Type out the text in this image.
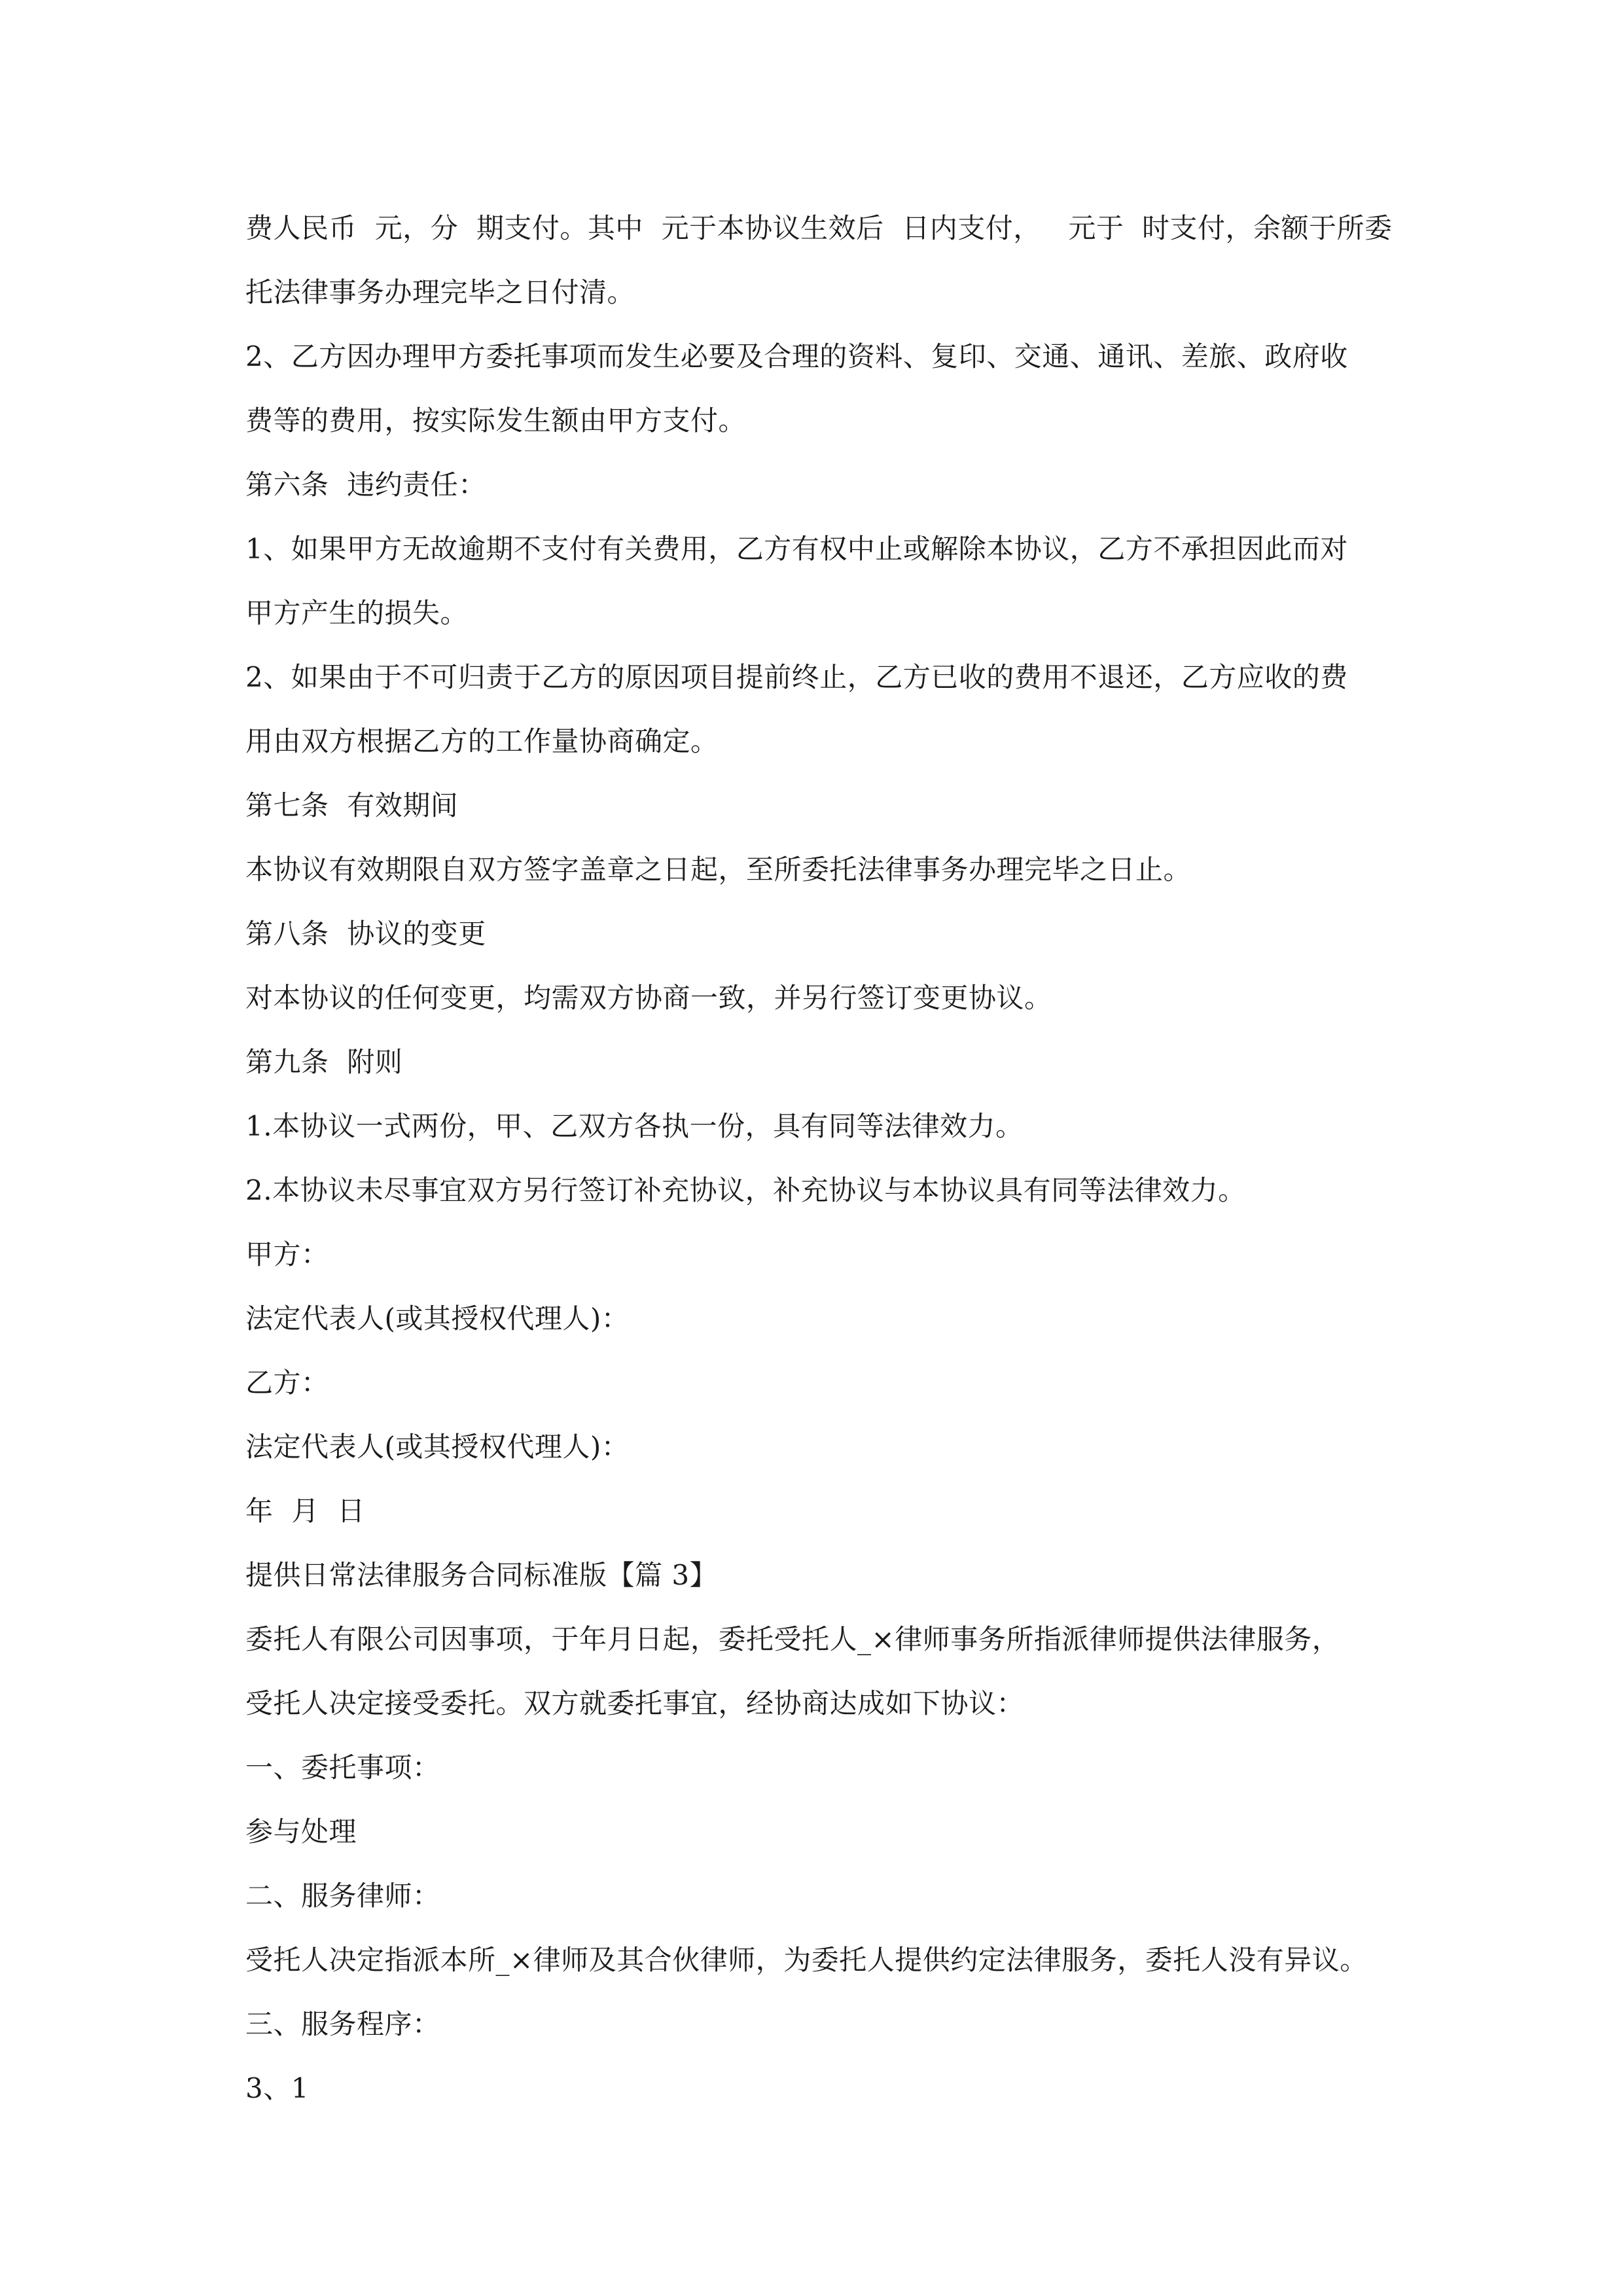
费人民币  元，分  期支付。其中  元于本协议生效后  日内支付，   元于  时支付，余额于所委
托法律事务办理完毕之日付清。
2、乙方因办理甲方委托事项而发生必要及合理的资料、复印、交通、通讯、差旅、政府收
费等的费用，按实际发生额由甲方支付。
第六条  违约责任：
1、如果甲方无故逾期不支付有关费用，乙方有权中止或解除本协议，乙方不承担因此而对
甲方产生的损失。
2、如果由于不可归责于乙方的原因项目提前终止，乙方已收的费用不退还，乙方应收的费
用由双方根据乙方的工作量协商确定。
第七条  有效期间
本协议有效期限自双方签字盖章之日起，至所委托法律事务办理完毕之日止。
第八条  协议的变更
对本协议的任何变更，均需双方协商一致，并另行签订变更协议。
第九条  附则
1.本协议一式两份，甲、乙双方各执一份，具有同等法律效力。
2.本协议未尽事宜双方另行签订补充协议，补充协议与本协议具有同等法律效力。
甲方：
法定代表人(或其授权代理人)：
乙方：
法定代表人(或其授权代理人)：
年  月  日
提供日常法律服务合同标准版【篇 3】
委托人有限公司因事项，于年月日起，委托受托人_×律师事务所指派律师提供法律服务，
受托人决定接受委托。双方就委托事宜，经协商达成如下协议：
一、委托事项：
参与处理
二、服务律师：
受托人决定指派本所_×律师及其合伙律师，为委托人提供约定法律服务，委托人没有异议。
三、服务程序：
3、1
